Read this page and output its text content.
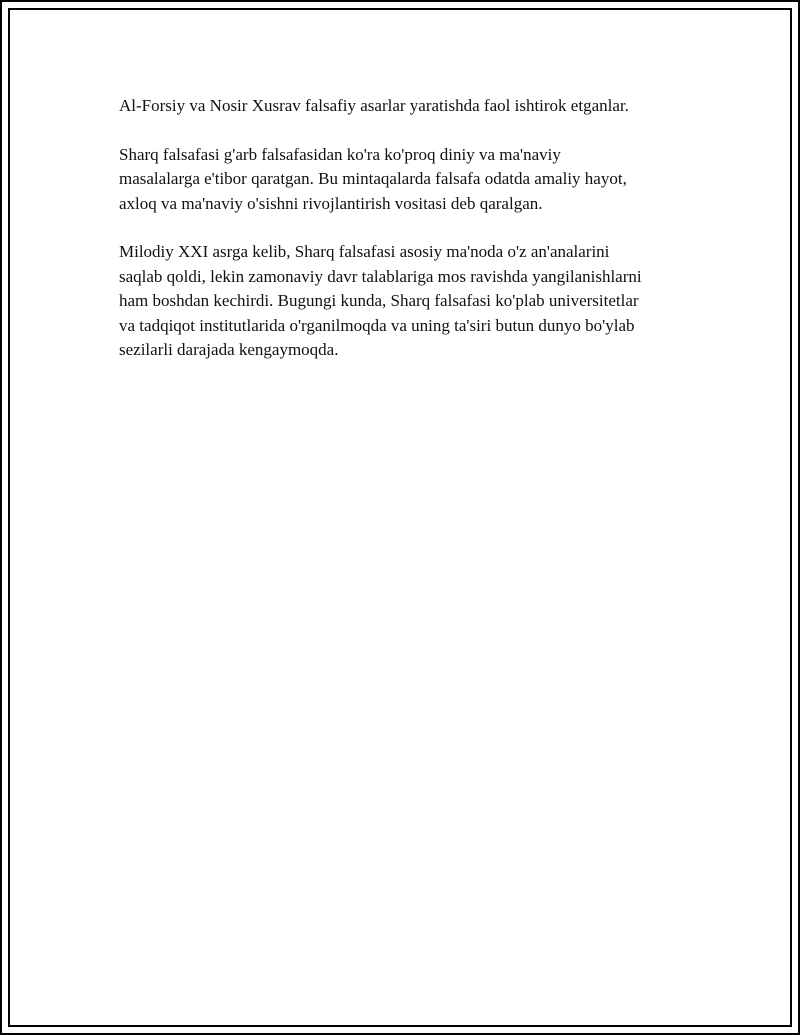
Al-Forsiy va Nosir Xusrav falsafiy asarlar yaratishda faol ishtirok etganlar.

Sharq falsafasi g'arb falsafasidan ko'ra ko'proq diniy va ma'naviy
masalalarga e'tibor qaratgan. Bu mintaqalarda falsafa odatda amaliy hayot,
axloq va ma'naviy o'sishni rivojlantirish vositasi deb qaralgan.

Milodiy XXI asrga kelib, Sharq falsafasi asosiy ma'noda o'z an'analarini
saqlab qoldi, lekin zamonaviy davr talablariga mos ravishda yangilanishlarni
ham boshdan kechirdi. Bugungi kunda, Sharq falsafasi ko'plab universitetlar
va tadqiqot institutlarida o'rganilmoqda va uning ta'siri butun dunyo bo'ylab
sezilarli darajada kengaymoqda.
